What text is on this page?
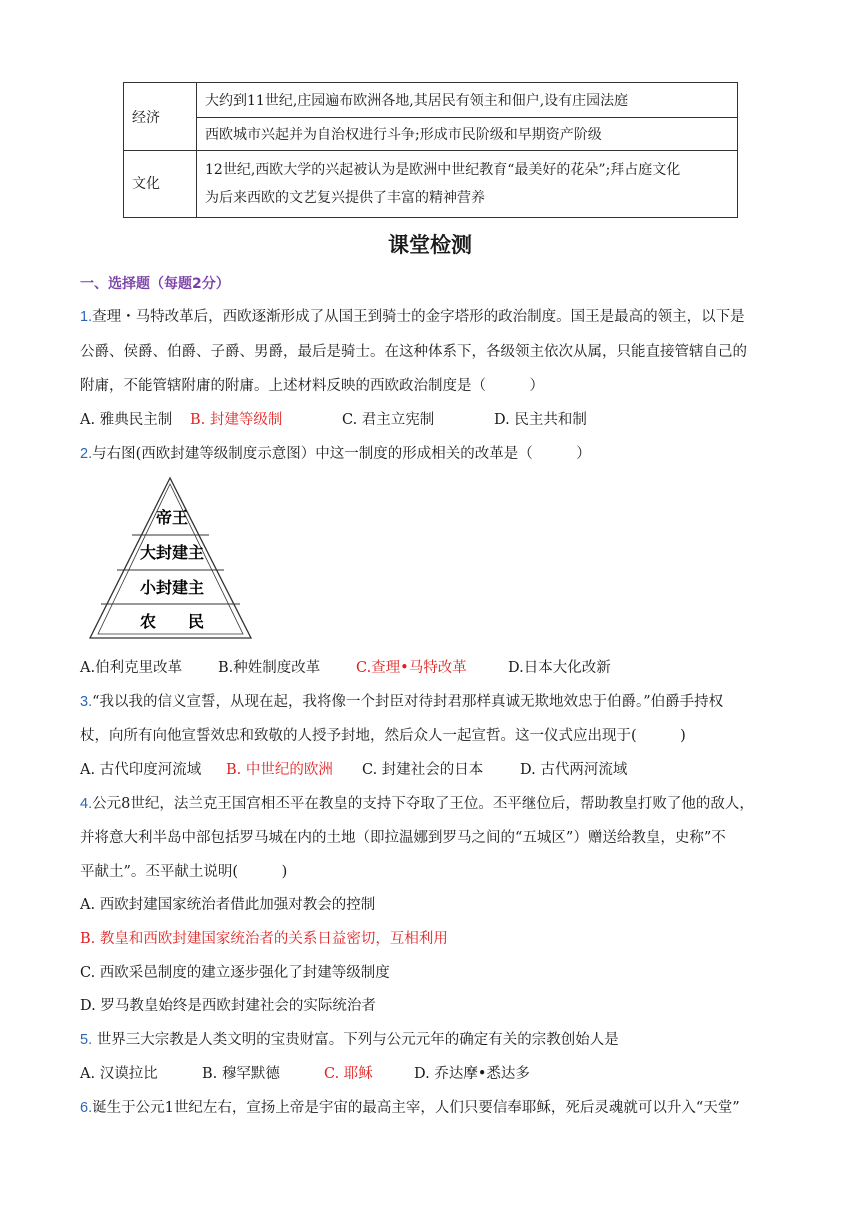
经济	大约到11世纪,庄园遍布欧洲各地,其居民有领主和佃户,设有庄园法庭
	西欧城市兴起并为自治权进行斗争;形成市民阶级和早期资产阶级
文化	12世纪,西欧大学的兴起被认为是欧洲中世纪教育“最美好的花朵”;拜占庭文化
为后来西欧的文艺复兴提供了丰富的精神营养
课堂检测
一、选择题（每题2分）
1.查理・马特改革后，西欧逐渐形成了从国王到骑士的金字塔形的政治制度。国王是最高的领主，以下是
公爵、侯爵、伯爵、子爵、男爵，最后是骑士。在这种体系下，各级领主依次从属，只能直接管辖自己的
附庸，不能管辖附庸的附庸。上述材料反映的西欧政治制度是（　　　）
A. 雅典民主制 B. 封建等级制	C. 君主立宪制	D. 民主共和制
2.与右图(西欧封建等级制度示意图）中这一制度的形成相关的改革是（　　　）
帝王
大封建主
小封建主
农　　民
A.伯利克里改革 B.种姓制度改革 C.查理•马特改革	D.日本大化改新
3.“我以我的信义宣誓，从现在起，我将像一个封臣对待封君那样真诚无欺地效忠于伯爵。”伯爵手持权
杖，向所有向他宣誓效忠和致敬的人授予封地，然后众人一起宣哲。这一仪式应出现于(　　　)
A. 古代印度河流域 B. 中世纪的欧洲 C. 封建社会的日本	D. 古代两河流域
4.公元8世纪，法兰克王国宫相丕平在教皇的支持下夺取了王位。丕平继位后，帮助教皇打败了他的敌人，
并将意大利半岛中部包括罗马城在内的土地（即拉温娜到罗马之间的“五城区”）赠送给教皇，史称”不
平献土”。丕平献土说明(　　　)
A. 西欧封建国家统治者借此加强对教会的控制
B. 教皇和西欧封建国家统治者的关系日益密切，互相利用
C. 西欧采邑制度的建立逐步强化了封建等级制度
D. 罗马教皇始终是西欧封建社会的实际统治者
5. 世界三大宗教是人类文明的宝贵财富。下列与公元元年的确定有关的宗教创始人是
A. 汉谟拉比	B. 穆罕默德	C. 耶稣	D. 乔达摩•悉达多
6.诞生于公元1世纪左右，宣扬上帝是宇宙的最高主宰，人们只要信奉耶稣，死后灵魂就可以升入“天堂”
